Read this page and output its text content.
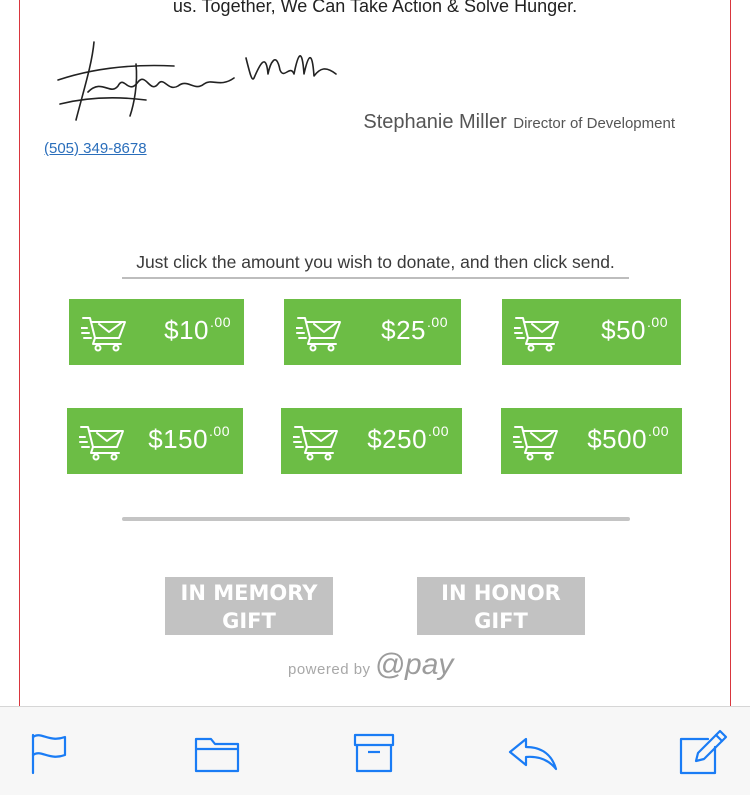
us. Together, We Can Take Action & Solve Hunger.
Stephanie Miller Director of Development
(505) 349-8678
Just click the amount you wish to donate, and then click send.
$\$10^{.00}$	$\$25^{.00}$	$\$50^{.00}$
$\$150^{.00}$	$\$250^{.00}$	$\$500^{.00}$
IN MEMORY
GIFT
IN HONOR
GIFT
powered by @pay
